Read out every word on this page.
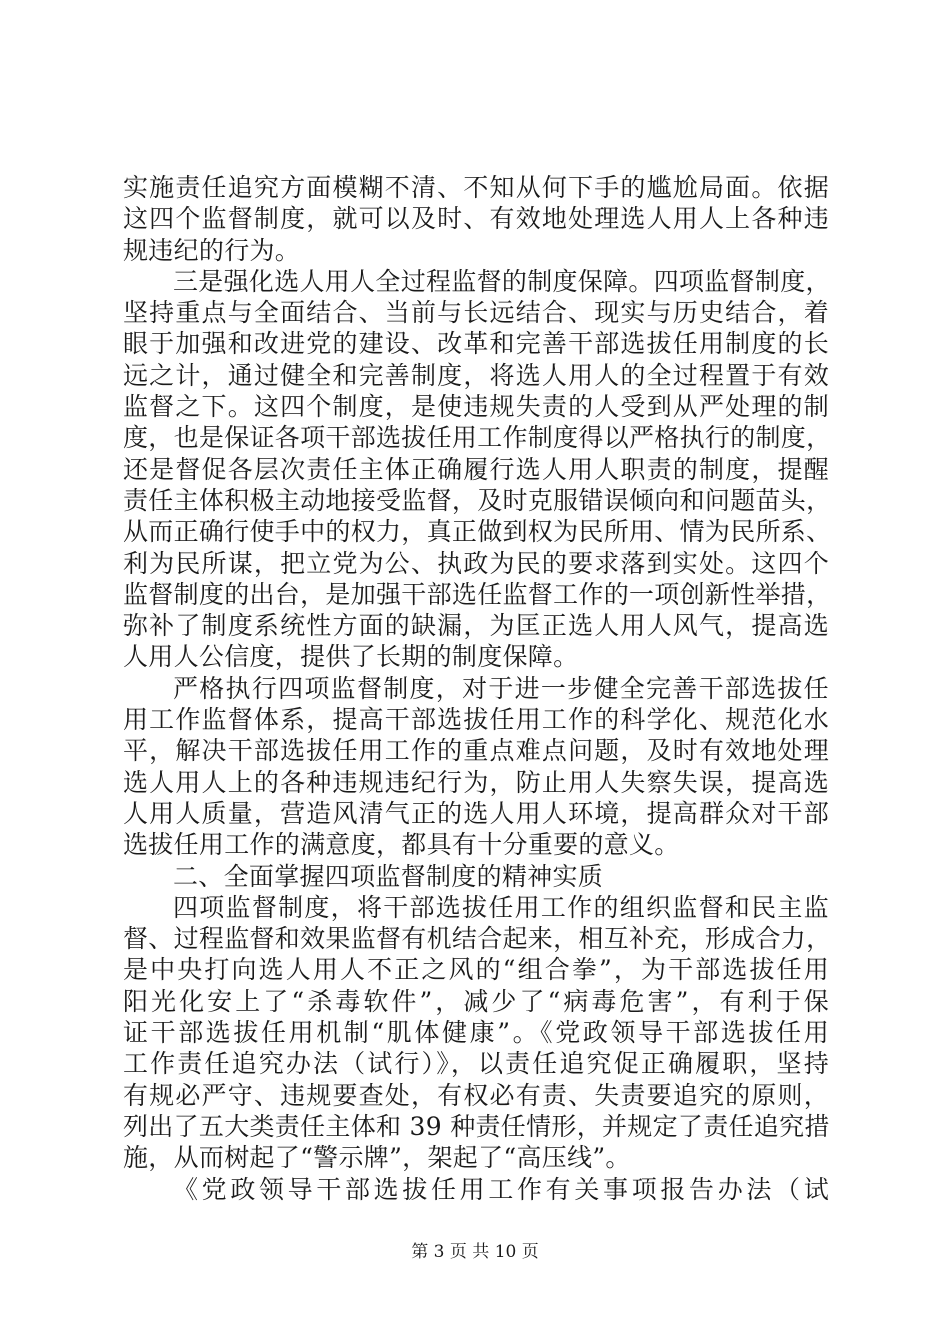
实施责任追究方面模糊不清、不知从何下手的尴尬局面。依据
这四个监督制度，就可以及时、有效地处理选人用人上各种违
规违纪的行为。
三是强化选人用人全过程监督的制度保障。四项监督制度，
坚持重点与全面结合、当前与长远结合、现实与历史结合，着
眼于加强和改进党的建设、改革和完善干部选拔任用制度的长
远之计，通过健全和完善制度，将选人用人的全过程置于有效
监督之下。这四个制度，是使违规失责的人受到从严处理的制
度，也是保证各项干部选拔任用工作制度得以严格执行的制度，
还是督促各层次责任主体正确履行选人用人职责的制度，提醒
责任主体积极主动地接受监督，及时克服错误倾向和问题苗头，
从而正确行使手中的权力，真正做到权为民所用、情为民所系、
利为民所谋，把立党为公、执政为民的要求落到实处。这四个
监督制度的出台，是加强干部选任监督工作的一项创新性举措，
弥补了制度系统性方面的缺漏，为匡正选人用人风气，提高选
人用人公信度，提供了长期的制度保障。
严格执行四项监督制度，对于进一步健全完善干部选拔任
用工作监督体系，提高干部选拔任用工作的科学化、规范化水
平，解决干部选拔任用工作的重点难点问题，及时有效地处理
选人用人上的各种违规违纪行为，防止用人失察失误，提高选
人用人质量，营造风清气正的选人用人环境，提高群众对干部
选拔任用工作的满意度，都具有十分重要的意义。
二、全面掌握四项监督制度的精神实质
四项监督制度，将干部选拔任用工作的组织监督和民主监
督、过程监督和效果监督有机结合起来，相互补充，形成合力，
是中央打向选人用人不正之风的“组合拳”，为干部选拔任用
阳光化安上了“杀毒软件”，减少了“病毒危害”，有利于保
证干部选拔任用机制“肌体健康”。《党政领导干部选拔任用
工作责任追究办法（试行）》，以责任追究促正确履职，坚持
有规必严守、违规要查处，有权必有责、失责要追究的原则，
列出了五大类责任主体和 39 种责任情形，并规定了责任追究措
施，从而树起了“警示牌”，架起了“高压线”。
《党政领导干部选拔任用工作有关事项报告办法（试
第 3 页 共 10 页
